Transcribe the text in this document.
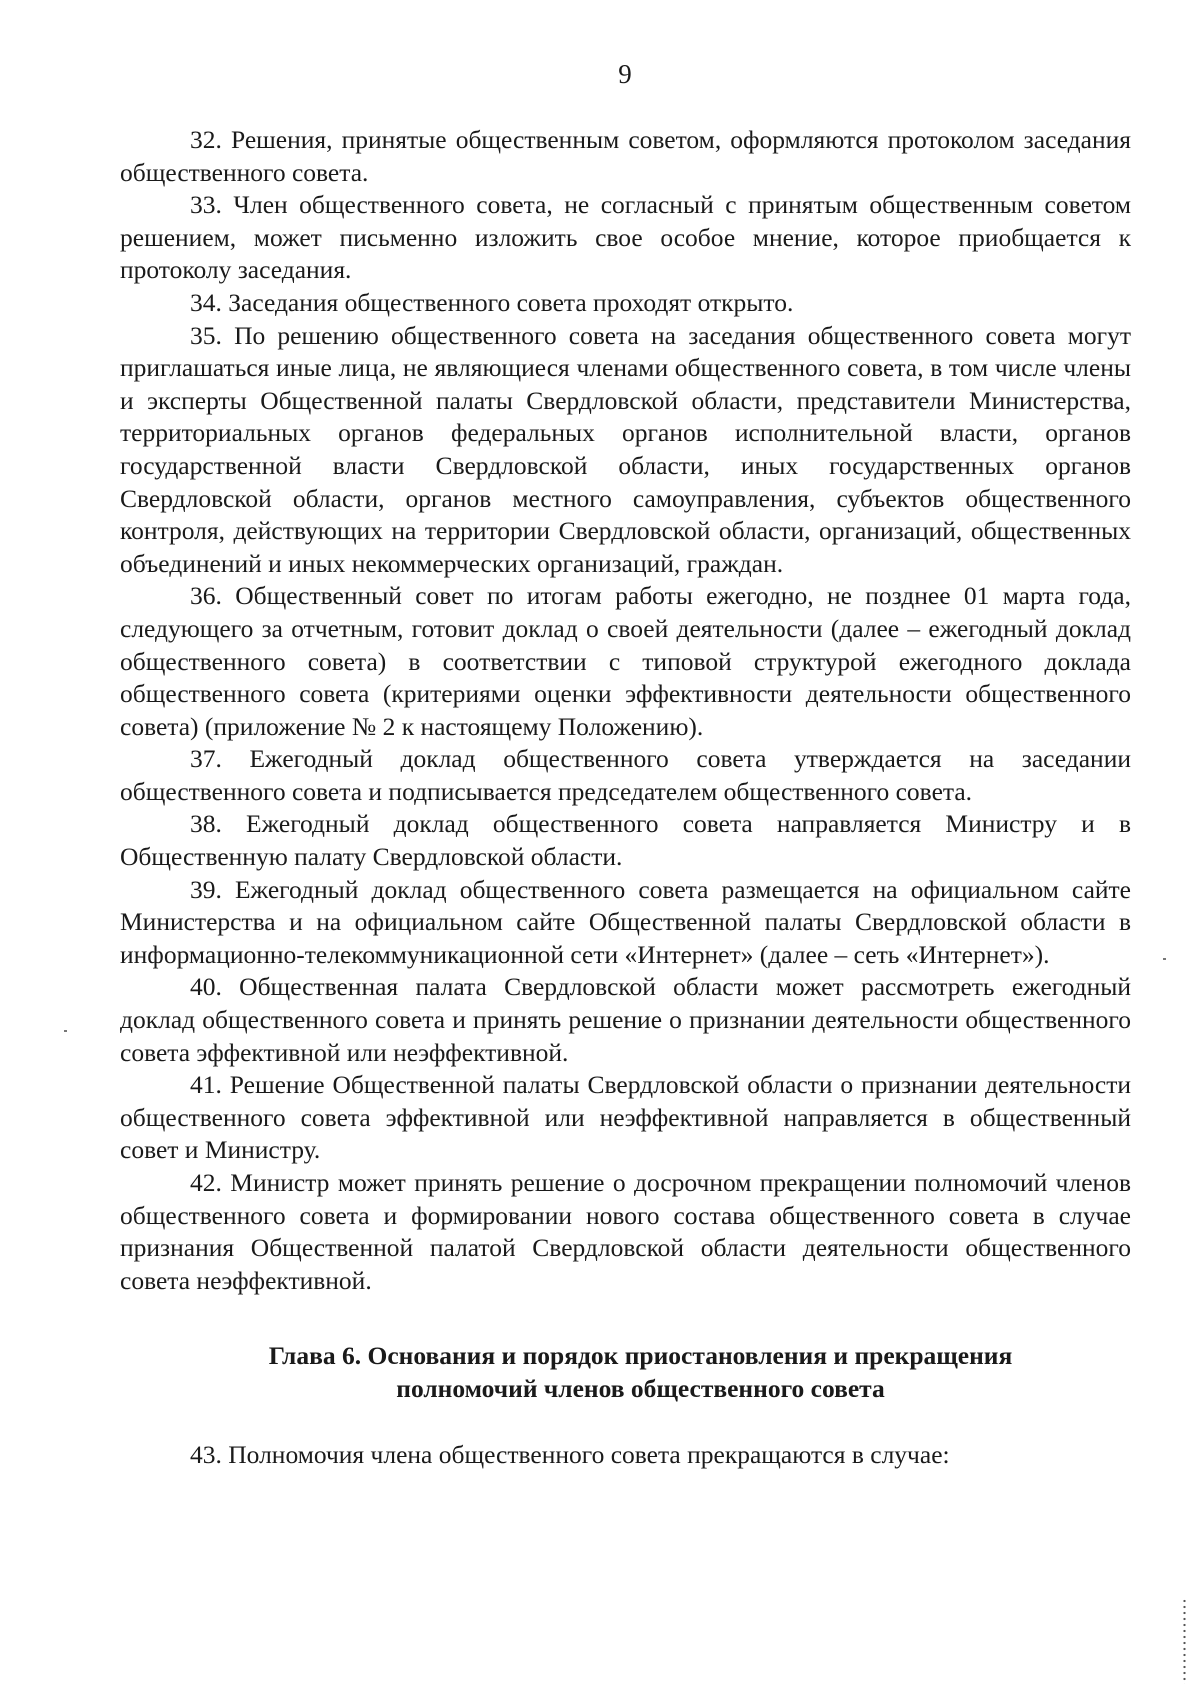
9

32. Решения, принятые общественным советом, оформляются протоколом заседания общественного совета.

33. Член общественного совета, не согласный с принятым общественным советом решением, может письменно изложить свое особое мнение, которое приобщается к протоколу заседания.

34. Заседания общественного совета проходят открыто.

35. По решению общественного совета на заседания общественного совета могут приглашаться иные лица, не являющиеся членами общественного совета, в том числе члены и эксперты Общественной палаты Свердловской области, представители Министерства, территориальных органов федеральных органов исполнительной власти, органов государственной власти Свердловской области, иных государственных органов Свердловской области, органов местного самоуправления, субъектов общественного контроля, действующих на территории Свердловской области, организаций, общественных объединений и иных некоммерческих организаций, граждан.

36. Общественный совет по итогам работы ежегодно, не позднее 01 марта года, следующего за отчетным, готовит доклад о своей деятельности (далее – ежегодный доклад общественного совета) в соответствии с типовой структурой ежегодного доклада общественного совета (критериями оценки эффективности деятельности общественного совета) (приложение № 2 к настоящему Положению).

37. Ежегодный доклад общественного совета утверждается на заседании общественного совета и подписывается председателем общественного совета.

38. Ежегодный доклад общественного совета направляется Министру и в Общественную палату Свердловской области.

39. Ежегодный доклад общественного совета размещается на официальном сайте Министерства и на официальном сайте Общественной палаты Свердловской области в информационно-телекоммуникационной сети «Интернет» (далее – сеть «Интернет»).

40. Общественная палата Свердловской области может рассмотреть ежегодный доклад общественного совета и принять решение о признании деятельности общественного совета эффективной или неэффективной.

41. Решение Общественной палаты Свердловской области о признании деятельности общественного совета эффективной или неэффективной направляется в общественный совет и Министру.

42. Министр может принять решение о досрочном прекращении полномочий членов общественного совета и формировании нового состава общественного совета в случае признания Общественной палатой Свердловской области деятельности общественного совета неэффективной.

Глава 6. Основания и порядок приостановления и прекращения
полномочий членов общественного совета

43. Полномочия члена общественного совета прекращаются в случае:
